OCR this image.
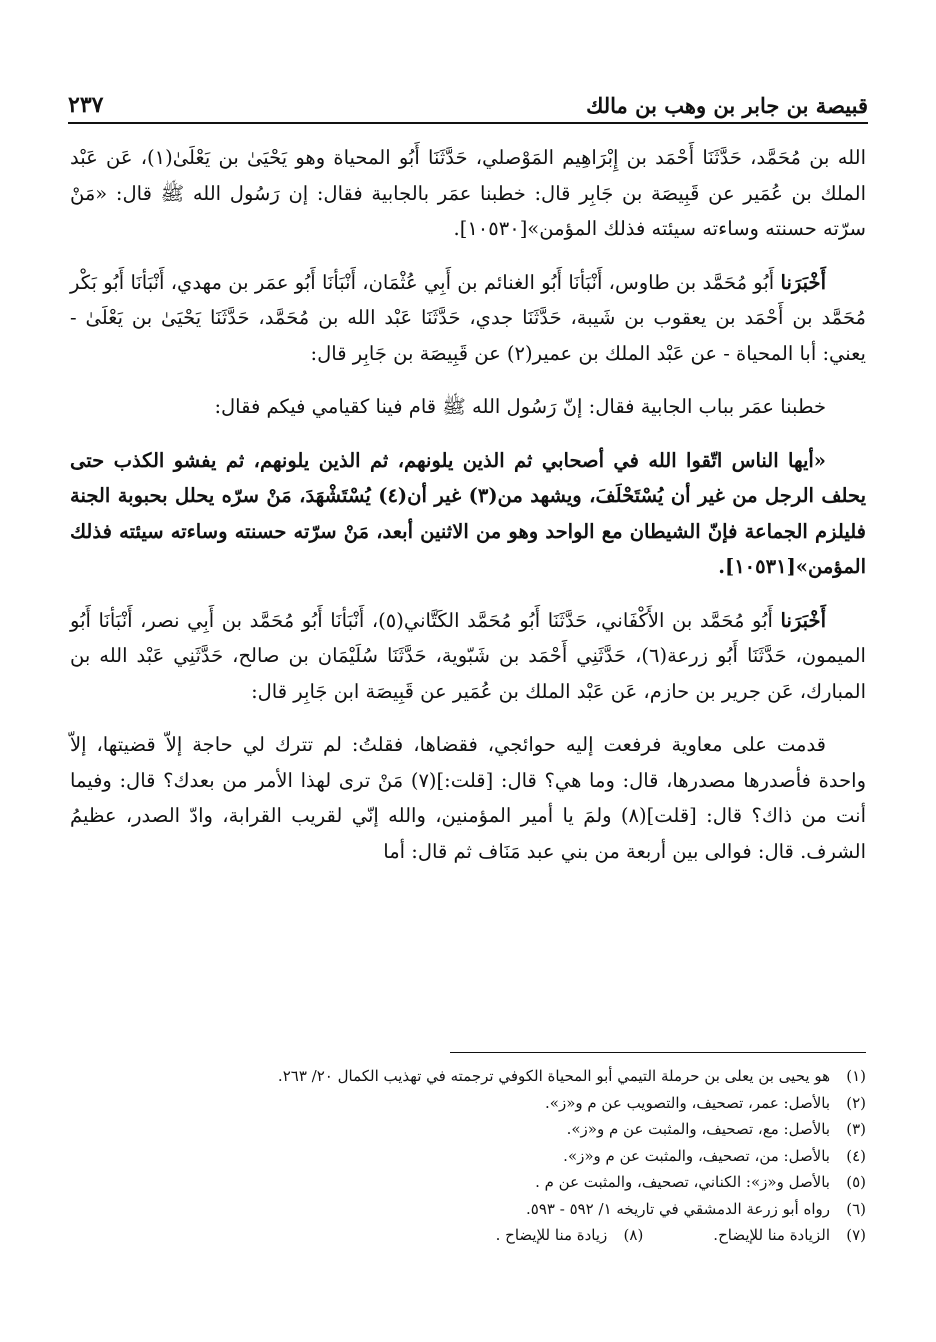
قبيصة بن جابر بن وهب بن مالك
٢٣٧

الله بن مُحَمَّد، حَدَّثَنَا أَحْمَد بن إِبْرَاهِيم المَوْصلي، حَدَّثَنَا أَبُو المحياة وهو يَحْيَىٰ بن يَعْلَىٰ(١)، عَن عَبْد الملك بن عُمَير عن قَبِيصَة بن جَابِر قال: خطبنا عمَر بالجابية فقال: إن رَسُول الله ﷺ قال: «مَنْ سرّته حسنته وساءته سيئته فذلك المؤمن»[١٠٥٣٠].

أَخْبَرَنا أَبُو مُحَمَّد بن طاوس، أَنْبَأنَا أَبُو الغنائم بن أَبِي عُثْمَان، أَنْبَأنَا أَبُو عمَر بن مهدي، أَنْبَأنَا أَبُو بَكْر مُحَمَّد بن أَحْمَد بن يعقوب بن شَيبة، حَدَّثَنَا جدي، حَدَّثَنَا عَبْد الله بن مُحَمَّد، حَدَّثَنَا يَحْيَىٰ بن يَعْلَىٰ - يعني: أبا المحياة - عن عَبْد الملك بن عمير(٢) عن قَبِيصَة بن جَابِر قال:

خطبنا عمَر بباب الجابية فقال: إنّ رَسُول الله ﷺ قام فينا كقيامي فيكم فقال:

«أيها الناس اتّقوا الله في أصحابي ثم الذين يلونهم، ثم الذين يلونهم، ثم يفشو الكذب حتى يحلف الرجل من غير أن يُسْتَحْلَفَ، ويشهد من(٣) غير أن(٤) يُسْتَشْهَدَ، مَنْ سرّه يحلل بحبوبة الجنة فليلزم الجماعة فإنّ الشيطان مع الواحد وهو من الاثنين أبعد، مَنْ سرّته حسنته وساءته سيئته فذلك المؤمن»[١٠٥٣١].

أَخْبَرَنا أَبُو مُحَمَّد بن الأَكْفَاني، حَدَّثَنَا أَبُو مُحَمَّد الكَتَّاني(٥)، أَنْبَأنَا أَبُو مُحَمَّد بن أَبِي نصر، أَنْبَأنَا أَبُو الميمون، حَدَّثَنَا أَبُو زرعة(٦)، حَدَّثَنِي أَحْمَد بن شَبّوية، حَدَّثَنَا سُلَيْمَان بن صالح، حَدَّثَنِي عَبْد الله بن المبارك، عَن جرير بن حازم، عَن عَبْد الملك بن عُمَير عن قَبِيصَة ابن جَابِر قال:

قدمت على معاوية فرفعت إليه حوائجي، فقضاها، فقلتُ: لم تترك لي حاجة إلاّ قضيتها، إلاّ واحدة فأصدرها مصدرها، قال: وما هي؟ قال: [قلت:](٧) مَنْ ترى لهذا الأمر من بعدك؟ قال: وفيما أنت من ذاك؟ قال: [قلت](٨) ولمَ يا أمير المؤمنين، والله إنّي لقريب القرابة، وادّ الصدر، عظيمُ الشرف. قال: فوالى بين أربعة من بني عبد مَنَاف ثم قال: أما

(١)
هو يحيى بن يعلى بن حرملة التيمي أبو المحياة الكوفي ترجمته في تهذيب الكمال ٢٠/ ٢٦٣.
(٢)
بالأصل: عمر، تصحيف، والتصويب عن م و«ز».
(٣)
بالأصل: مع، تصحيف، والمثبت عن م و«ز».
(٤)
بالأصل: من، تصحيف، والمثبت عن م و«ز».
(٥)
بالأصل و«ز»: الكناني، تصحيف، والمثبت عن م .
(٦)
رواه أبو زرعة الدمشقي في تاريخه ١/ ٥٩٢ - ٥٩٣.
(٧)
الزيادة منا للإيضاح.
(٨)
زيادة منا للإيضاح .
